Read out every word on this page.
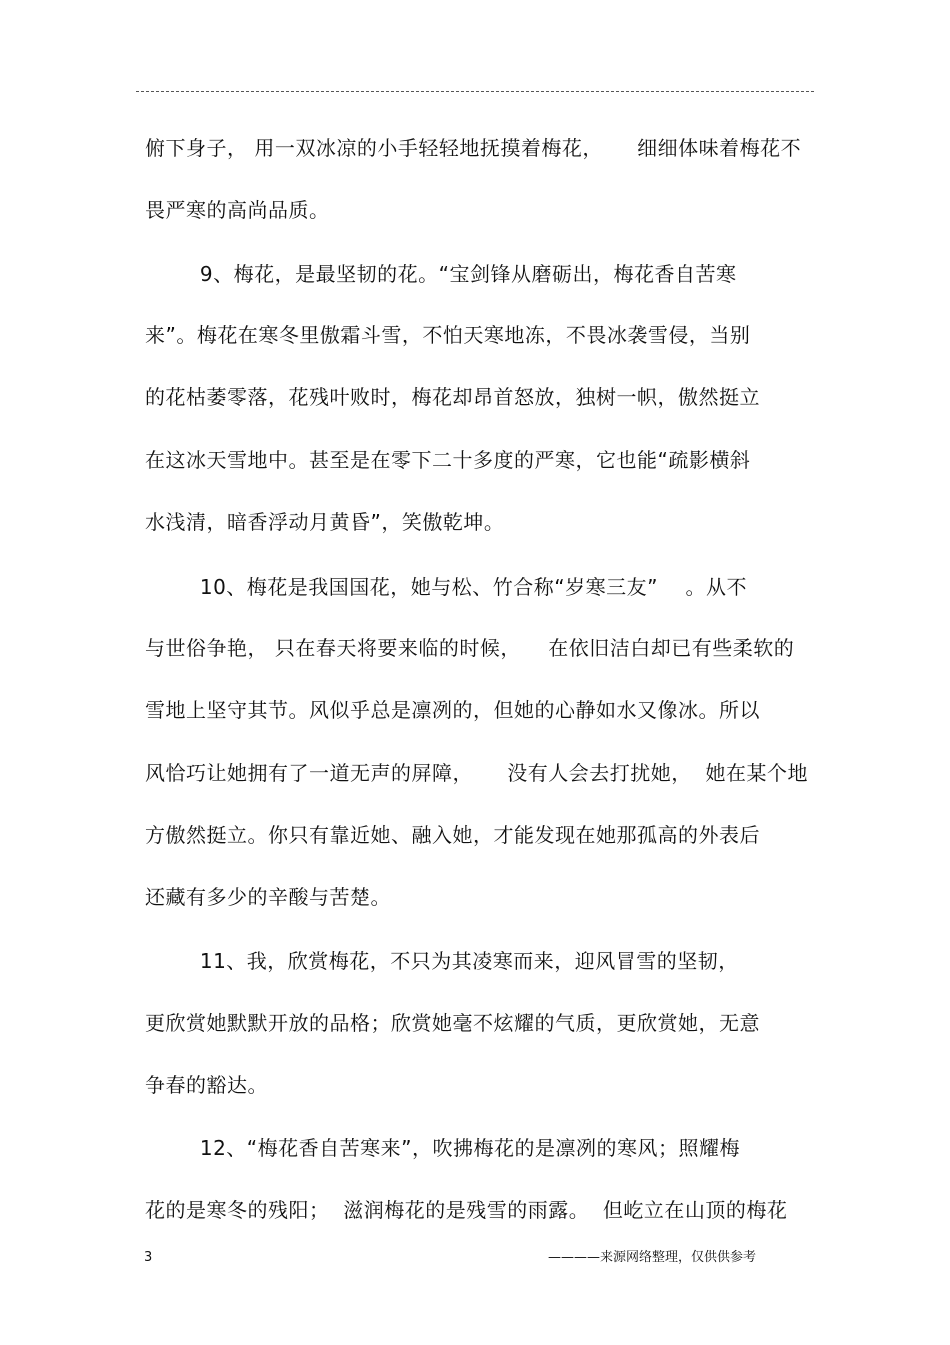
俯下身子， 用一双冰凉的小手轻轻地抚摸着梅花，     细细体味着梅花不
畏严寒的高尚品质。
9、梅花，是最坚韧的花。“宝剑锋从磨砺出，梅花香自苦寒
来”。梅花在寒冬里傲霜斗雪，不怕天寒地冻，不畏冰袭雪侵，当别
的花枯萎零落，花残叶败时，梅花却昂首怒放，独树一帜，傲然挺立
在这冰天雪地中。甚至是在零下二十多度的严寒，它也能“疏影横斜
水浅清，暗香浮动月黄昏”，笑傲乾坤。
10、梅花是我国国花，她与松、竹合称“岁寒三友”    。从不
与世俗争艳， 只在春天将要来临的时候，    在依旧洁白却已有些柔软的
雪地上坚守其节。风似乎总是凛冽的，但她的心静如水又像冰。所以
风恰巧让她拥有了一道无声的屏障，     没有人会去打扰她，  她在某个地
方傲然挺立。你只有靠近她、融入她，才能发现在她那孤高的外表后
还藏有多少的辛酸与苦楚。
11、我，欣赏梅花，不只为其凌寒而来，迎风冒雪的坚韧，
更欣赏她默默开放的品格；欣赏她毫不炫耀的气质，更欣赏她，无意
争春的豁达。
12、“梅花香自苦寒来”，吹拂梅花的是凛冽的寒风；照耀梅
花的是寒冬的残阳；  滋润梅花的是残雪的雨露。  但屹立在山顶的梅花
3	————来源网络整理，仅供供参考
